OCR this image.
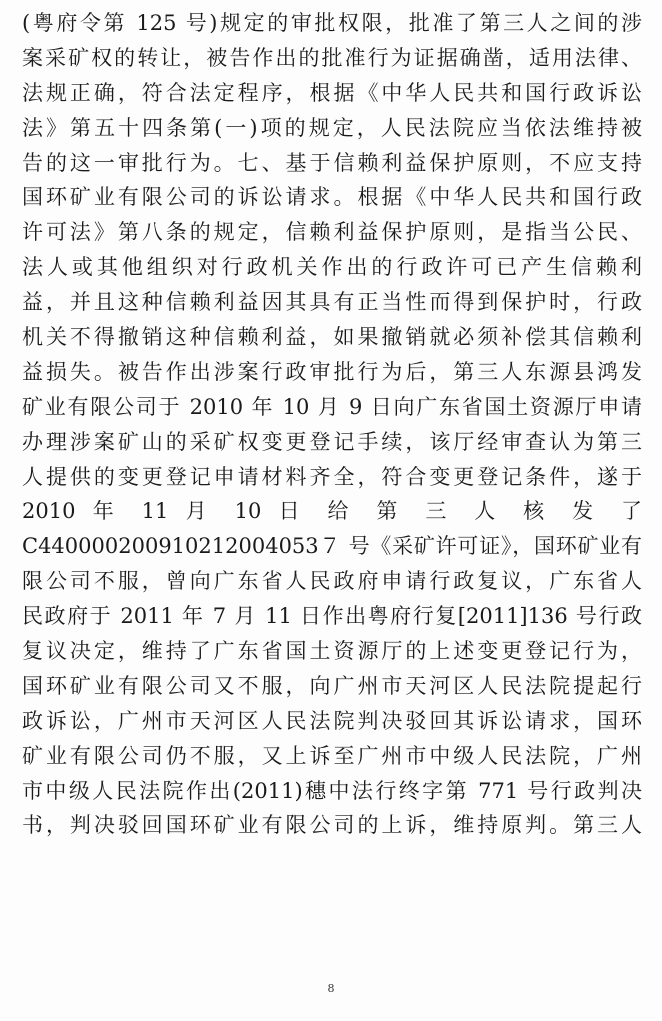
(粤府令第 125 号)规定的审批权限，批准了第三人之间的涉
案采矿权的转让，被告作出的批准行为证据确凿，适用法律、
法规正确，符合法定程序，根据《中华人民共和国行政诉讼
法》第五十四条第(一)项的规定，人民法院应当依法维持被
告的这一审批行为。七、基于信赖利益保护原则，不应支持
国环矿业有限公司的诉讼请求。根据《中华人民共和国行政
许可法》第八条的规定，信赖利益保护原则，是指当公民、
法人或其他组织对行政机关作出的行政许可已产生信赖利
益，并且这种信赖利益因其具有正当性而得到保护时，行政
机关不得撤销这种信赖利益，如果撤销就必须补偿其信赖利
益损失。被告作出涉案行政审批行为后，第三人东源县鸿发
矿业有限公司于 2010 年 10 月 9 日向广东省国土资源厅申请
办理涉案矿山的采矿权变更登记手续，该厅经审查认为第三
人提供的变更登记申请材料齐全，符合变更登记条件，遂于
2010 年 11 月 10 日 给 第 三 人 核 发 了
C440000200910212004053７ 号《采矿许可证》，国环矿业有
限公司不服，曾向广东省人民政府申请行政复议，广东省人
民政府于 2011 年 7 月 11 日作出粤府行复[2011]136 号行政
复议决定，维持了广东省国土资源厅的上述变更登记行为，
国环矿业有限公司又不服，向广州市天河区人民法院提起行
政诉讼，广州市天河区人民法院判决驳回其诉讼请求，国环
矿业有限公司仍不服，又上诉至广州市中级人民法院，广州
市中级人民法院作出(2011)穗中法行终字第 771 号行政判决
书，判决驳回国环矿业有限公司的上诉，维持原判。第三人
8
